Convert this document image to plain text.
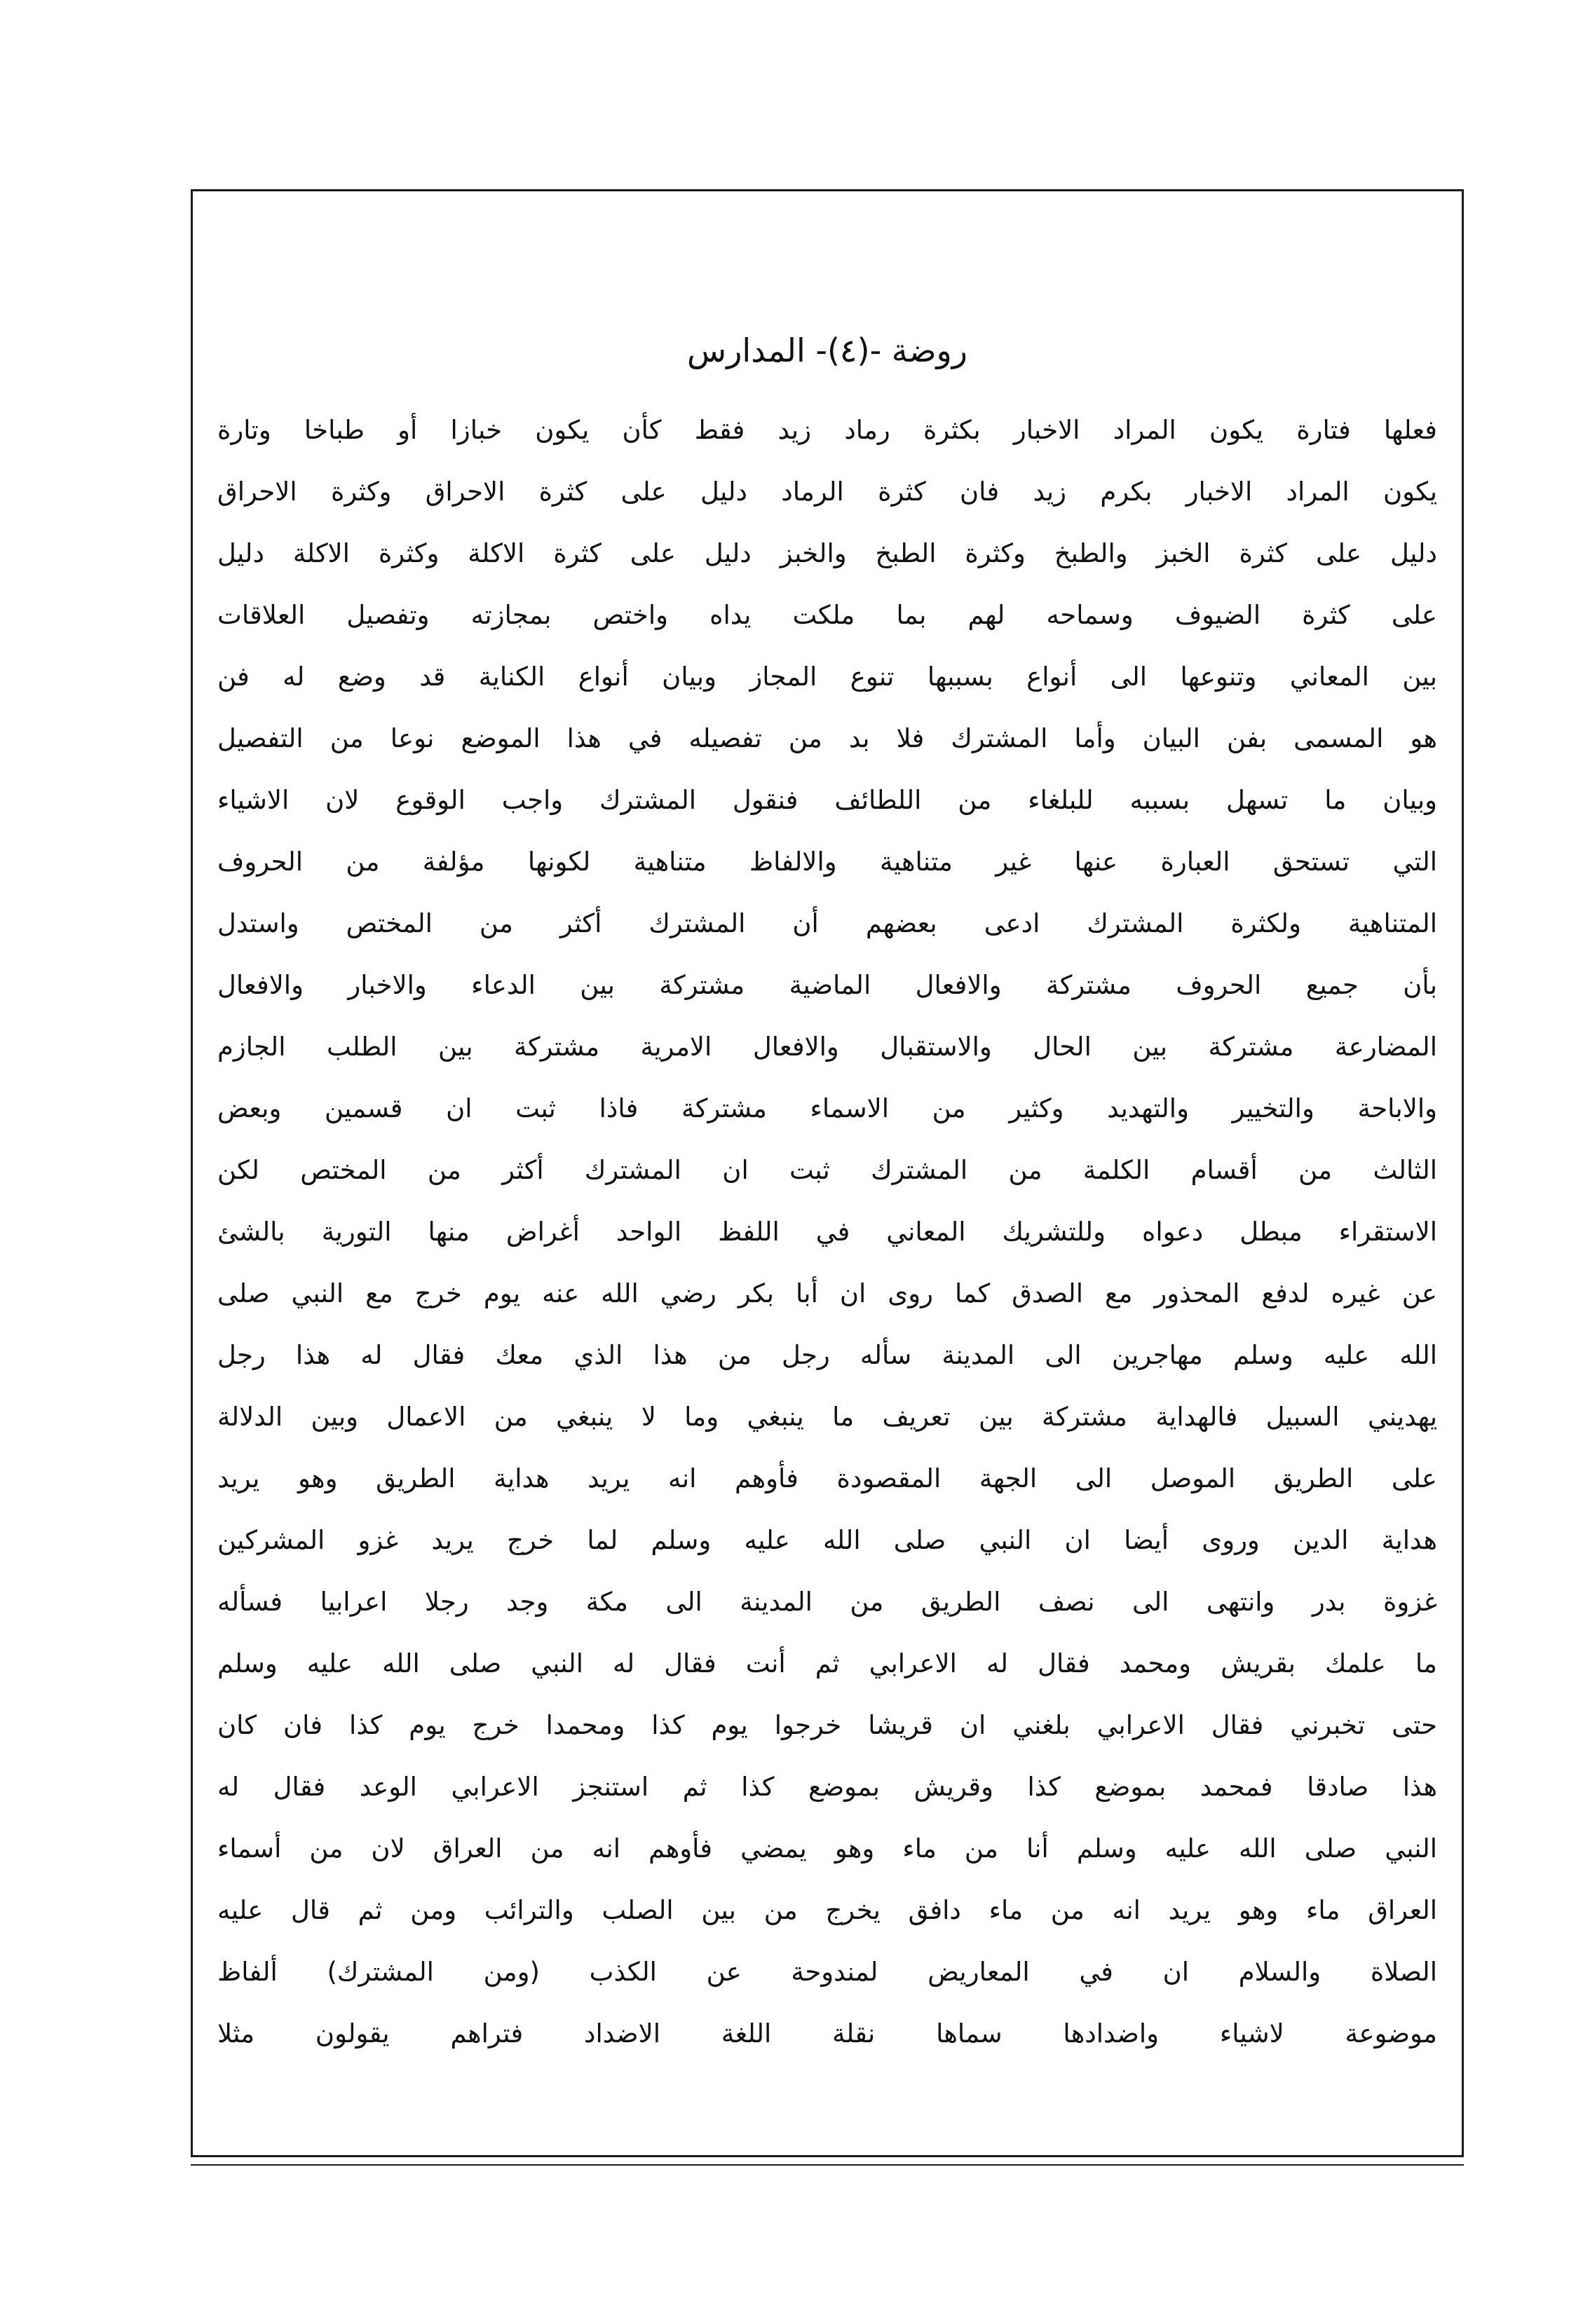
روضة -(٤)- المدارس
فعلها فتارة يكون المراد الاخبار بكثرة رماد زيد فقط كأن يكون خبازا أو طباخا وتارة
يكون المراد الاخبار بكرم زيد فان كثرة الرماد دليل على كثرة الاحراق وكثرة الاحراق
دليل على كثرة الخبز والطبخ وكثرة الطبخ والخبز دليل على كثرة الاكلة وكثرة الاكلة دليل
على كثرة الضيوف وسماحه لهم بما ملكت يداه واختص بمجازته وتفصيل العلاقات
بين المعاني وتنوعها الى أنواع بسببها تنوع المجاز وبيان أنواع الكناية قد وضع له فن
هو المسمى بفن البيان وأما المشترك فلا بد من تفصيله في هذا الموضع نوعا من التفصيل
وبيان ما تسهل بسببه للبلغاء من اللطائف فنقول المشترك واجب الوقوع لان الاشياء
التي تستحق العبارة عنها غير متناهية والالفاظ متناهية لكونها مؤلفة من الحروف
المتناهية ولكثرة المشترك ادعى بعضهم أن المشترك أكثر من المختص واستدل
بأن جميع الحروف مشتركة والافعال الماضية مشتركة بين الدعاء والاخبار والافعال
المضارعة مشتركة بين الحال والاستقبال والافعال الامرية مشتركة بين الطلب الجازم
والاباحة والتخيير والتهديد وكثير من الاسماء مشتركة فاذا ثبت ان قسمين وبعض
الثالث من أقسام الكلمة من المشترك ثبت ان المشترك أكثر من المختص لكن
الاستقراء مبطل دعواه وللتشريك المعاني في اللفظ الواحد أغراض منها التورية بالشئ
عن غيره لدفع المحذور مع الصدق كما روى ان أبا بكر رضي الله عنه يوم خرج مع النبي صلى
الله عليه وسلم مهاجرين الى المدينة سأله رجل من هذا الذي معك فقال له هذا رجل
يهديني السبيل فالهداية مشتركة بين تعريف ما ينبغي وما لا ينبغي من الاعمال وبين الدلالة
على الطريق الموصل الى الجهة المقصودة فأوهم انه يريد هداية الطريق وهو يريد
هداية الدين وروى أيضا ان النبي صلى الله عليه وسلم لما خرج يريد غزو المشركين
غزوة بدر وانتهى الى نصف الطريق من المدينة الى مكة وجد رجلا اعرابيا فسأله
ما علمك بقريش ومحمد فقال له الاعرابي ثم أنت فقال له النبي صلى الله عليه وسلم
حتى تخبرني فقال الاعرابي بلغني ان قريشا خرجوا يوم كذا ومحمدا خرج يوم كذا فان كان
هذا صادقا فمحمد بموضع كذا وقريش بموضع كذا ثم استنجز الاعرابي الوعد فقال له
النبي صلى الله عليه وسلم أنا من ماء وهو يمضي فأوهم انه من العراق لان من أسماء
العراق ماء وهو يريد انه من ماء دافق يخرج من بين الصلب والترائب ومن ثم قال عليه
الصلاة والسلام ان في المعاريض لمندوحة عن الكذب (ومن المشترك) ألفاظ
موضوعة لاشياء واضدادها سماها نقلة اللغة الاضداد فتراهم يقولون مثلا
